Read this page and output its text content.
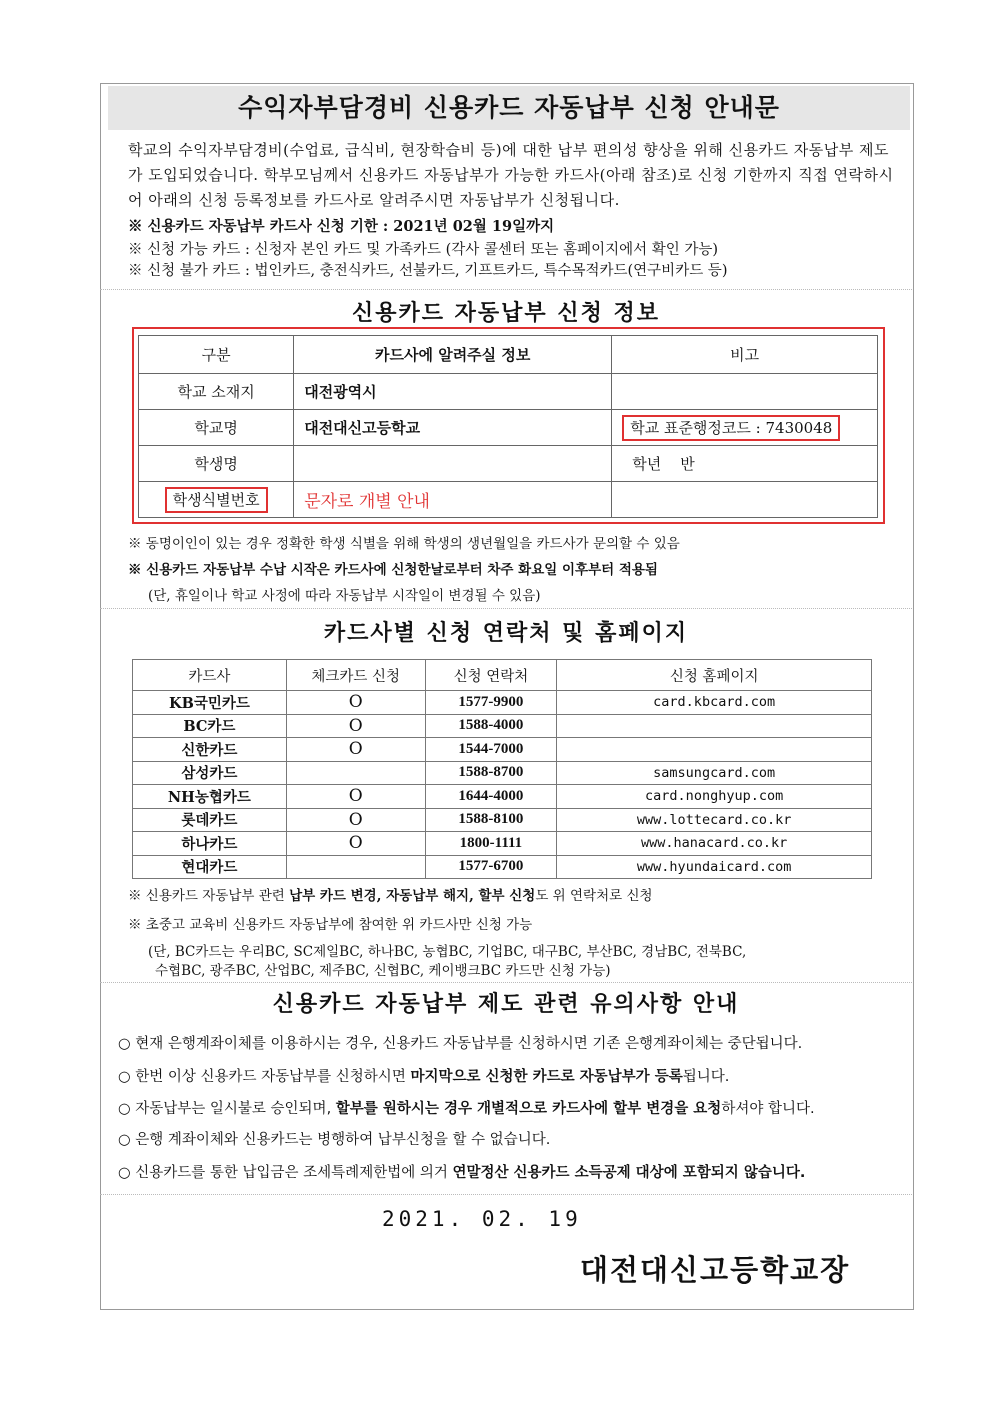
수익자부담경비 신용카드 자동납부 신청 안내문
학교의 수익자부담경비(수업료, 급식비, 현장학습비 등)에 대한 납부 편의성 향상을 위해 신용카드 자동납부 제도가 도입되었습니다. 학부모님께서 신용카드 자동납부가 가능한 카드사(아래 참조)로 신청 기한까지 직접 연락하시어 아래의 신청 등록정보를 카드사로 알려주시면 자동납부가 신청됩니다.
※ 신용카드 자동납부 카드사 신청 기한 : 2021년 02월 19일까지
※ 신청 가능 카드 : 신청자 본인 카드 및 가족카드 (각사 콜센터 또는 홈페이지에서 확인 가능)
※ 신청 불가 카드 : 법인카드, 충전식카드, 선불카드, 기프트카드, 특수목적카드(연구비카드 등)
신용카드 자동납부 신청 정보
구분	카드사에 알려주실 정보	비고
학교 소재지	대전광역시	
학교명	대전대신고등학교	학교 표준행정코드 : 7430048
학생명		학년    반
학생식별번호	문자로 개별 안내	
※ 동명이인이 있는 경우 정확한 학생 식별을 위해 학생의 생년월일을 카드사가 문의할 수 있음
※ 신용카드 자동납부 수납 시작은 카드사에 신청한날로부터 차주 화요일 이후부터 적용됨
(단, 휴일이나 학교 사정에 따라 자동납부 시작일이 변경될 수 있음)
카드사별 신청 연락처 및 홈페이지
카드사	체크카드 신청	신청 연락처	신청 홈페이지
KB국민카드	O	1577-9900	card.kbcard.com
BC카드	O	1588-4000	
신한카드	O	1544-7000	
삼성카드		1588-8700	samsungcard.com
NH농협카드	O	1644-4000	card.nonghyup.com
롯데카드	O	1588-8100	www.lottecard.co.kr
하나카드	O	1800-1111	www.hanacard.co.kr
현대카드		1577-6700	www.hyundaicard.com
※ 신용카드 자동납부 관련 납부 카드 변경, 자동납부 해지, 할부 신청도 위 연락처로 신청
※ 초중고 교육비 신용카드 자동납부에 참여한 위 카드사만 신청 가능
(단, BC카드는 우리BC, SC제일BC, 하나BC, 농협BC, 기업BC, 대구BC, 부산BC, 경남BC, 전북BC,
수협BC, 광주BC, 산업BC, 제주BC, 신협BC, 케이뱅크BC 카드만 신청 가능)
신용카드 자동납부 제도 관련 유의사항 안내
○ 현재 은행계좌이체를 이용하시는 경우, 신용카드 자동납부를 신청하시면 기존 은행계좌이체는 중단됩니다.
○ 한번 이상 신용카드 자동납부를 신청하시면 마지막으로 신청한 카드로 자동납부가 등록됩니다.
○ 자동납부는 일시불로 승인되며, 할부를 원하시는 경우 개별적으로 카드사에 할부 변경을 요청하셔야 합니다.
○ 은행 계좌이체와 신용카드는 병행하여 납부신청을 할 수 없습니다.
○ 신용카드를 통한 납입금은 조세특례제한법에 의거 연말정산 신용카드 소득공제 대상에 포함되지 않습니다.
2021. 02. 19
대전대신고등학교장
